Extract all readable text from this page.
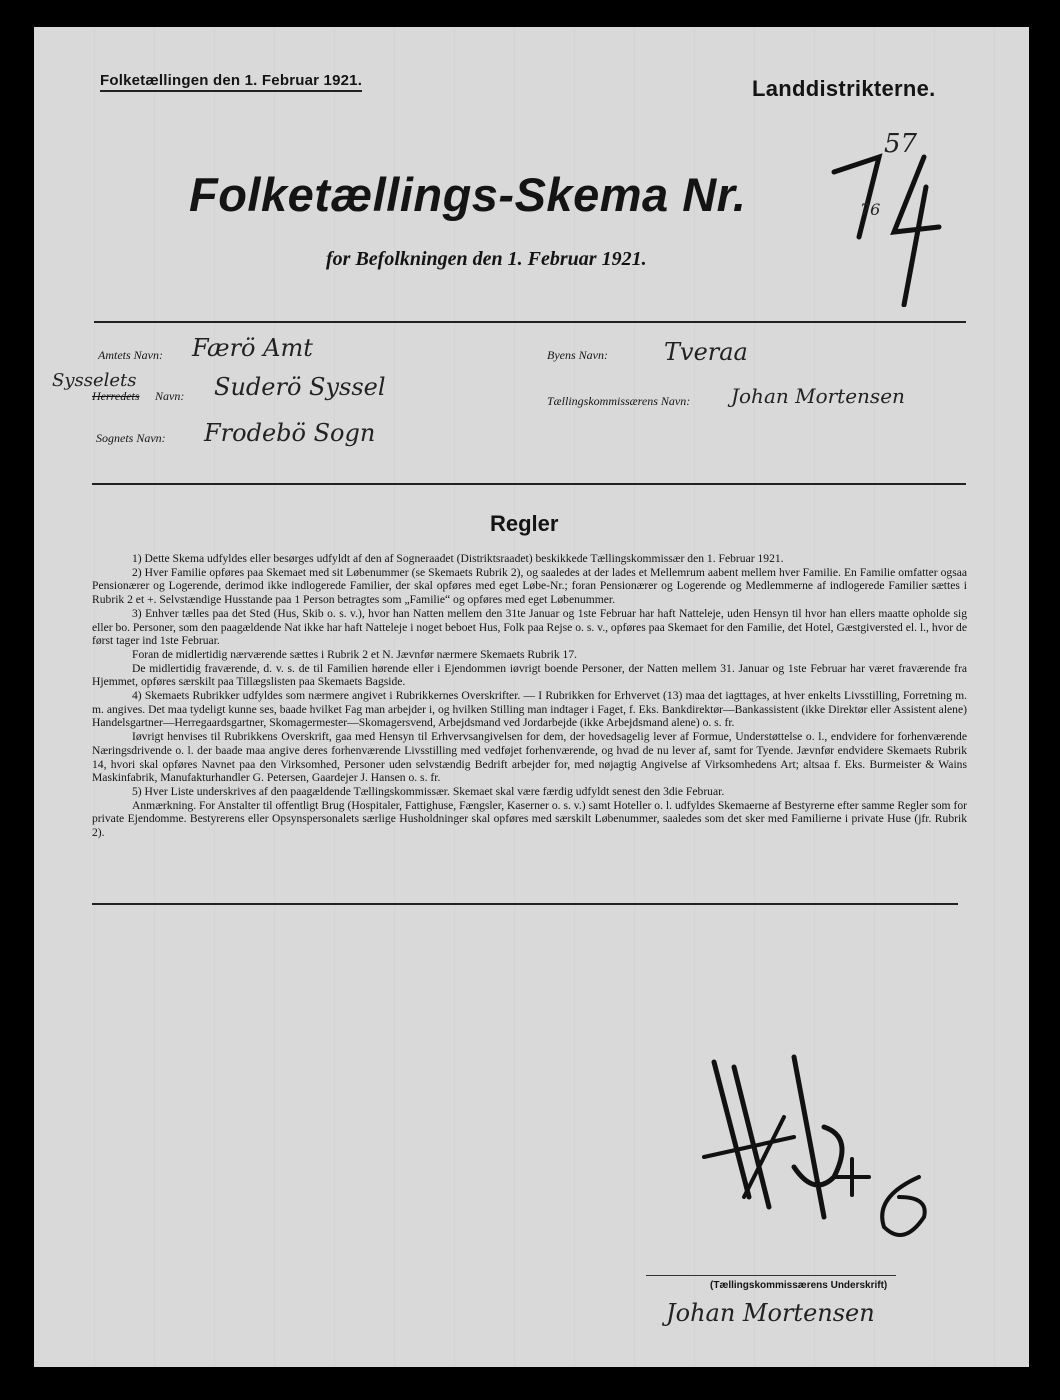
Folketællingen den 1. Februar 1921.	Landdistrikterne.
Folketællings-Skema Nr.	76
57
for Befolkningen den 1. Februar 1921.
Amtets Navn: Færö Amt	Byens Navn: Tveraa
Sysselets
Herredets Navn: Suderö Syssel	Tællingskommissærens Navn: Johan Mortensen
Sognets Navn: Frodebö Sogn
Regler

1) Dette Skema udfyldes eller besørges udfyldt af den af Sogneraadet (Distriktsraadet) beskikkede Tællingskommissær den 1. Februar 1921.

2) Hver Familie opføres paa Skemaet med sit Løbenummer (se Skemaets Rubrik 2), og saaledes at der lades et Mellemrum aabent mellem hver Familie. En Familie omfatter ogsaa Pensionærer og Logerende, derimod ikke indlogerede Familier, der skal opføres med eget Løbe-Nr.; foran Pensionærer og Logerende og Medlemmerne af indlogerede Familier sættes i Rubrik 2 et +. Selvstændige Husstande paa 1 Person betragtes som „Familie“ og opføres med eget Løbenummer.

3) Enhver tælles paa det Sted (Hus, Skib o. s. v.), hvor han Natten mellem den 31te Januar og 1ste Februar har haft Natteleje, uden Hensyn til hvor han ellers maatte opholde sig eller bo. Personer, som den paagældende Nat ikke har haft Natteleje i noget beboet Hus, Folk paa Rejse o. s. v., opføres paa Skemaet for den Familie, det Hotel, Gæstgiversted el. l., hvor de først tager ind 1ste Februar.

Foran de midlertidig nærværende sættes i Rubrik 2 et N. Jævnfør nærmere Skemaets Rubrik 17.

De midlertidig fraværende, d. v. s. de til Familien hørende eller i Ejendommen iøvrigt boende Personer, der Natten mellem 31. Januar og 1ste Februar har været fraværende fra Hjemmet, opføres særskilt paa Tillægslisten paa Skemaets Bagside.

4) Skemaets Rubrikker udfyldes som nærmere angivet i Rubrikkernes Overskrifter. — I Rubrikken for Erhvervet (13) maa det iagttages, at hver enkelts Livsstilling, Forretning m. m. angives. Det maa tydeligt kunne ses, baade hvilket Fag man arbejder i, og hvilken Stilling man indtager i Faget, f. Eks. Bankdirektør—Bankassistent (ikke Direktør eller Assistent alene) Handelsgartner—Herregaardsgartner, Skomagermester—Skomagersvend, Arbejdsmand ved Jordarbejde (ikke Arbejdsmand alene) o. s. fr.

Iøvrigt henvises til Rubrikkens Overskrift, gaa med Hensyn til Erhvervsangivelsen for dem, der hovedsagelig lever af Formue, Understøttelse o. l., endvidere for forhenværende Næringsdrivende o. l. der baade maa angive deres forhenværende Livsstilling med vedføjet forhenværende, og hvad de nu lever af, samt for Tyende. Jævnfør endvidere Skemaets Rubrik 14, hvori skal opføres Navnet paa den Virksomhed, Personer uden selvstændig Bedrift arbejder for, med nøjagtig Angivelse af Virksomhedens Art; altsaa f. Eks. Burmeister & Wains Maskinfabrik, Manufakturhandler G. Petersen, Gaardejer J. Hansen o. s. fr.

5) Hver Liste underskrives af den paagældende Tællingskommissær. Skemaet skal være færdig udfyldt senest den 3die Februar.

Anmærkning. For Anstalter til offentligt Brug (Hospitaler, Fattighuse, Fængsler, Kaserner o. s. v.) samt Hoteller o. l. udfyldes Skemaerne af Bestyrerne efter samme Regler som for private Ejendomme. Bestyrerens eller Opsynspersonalets særlige Husholdninger skal opføres med særskilt Løbenummer, saaledes som det sker med Familierne i private Huse (jfr. Rubrik 2).

(Tællingskommissærens Underskrift)
Johan Mortensen
